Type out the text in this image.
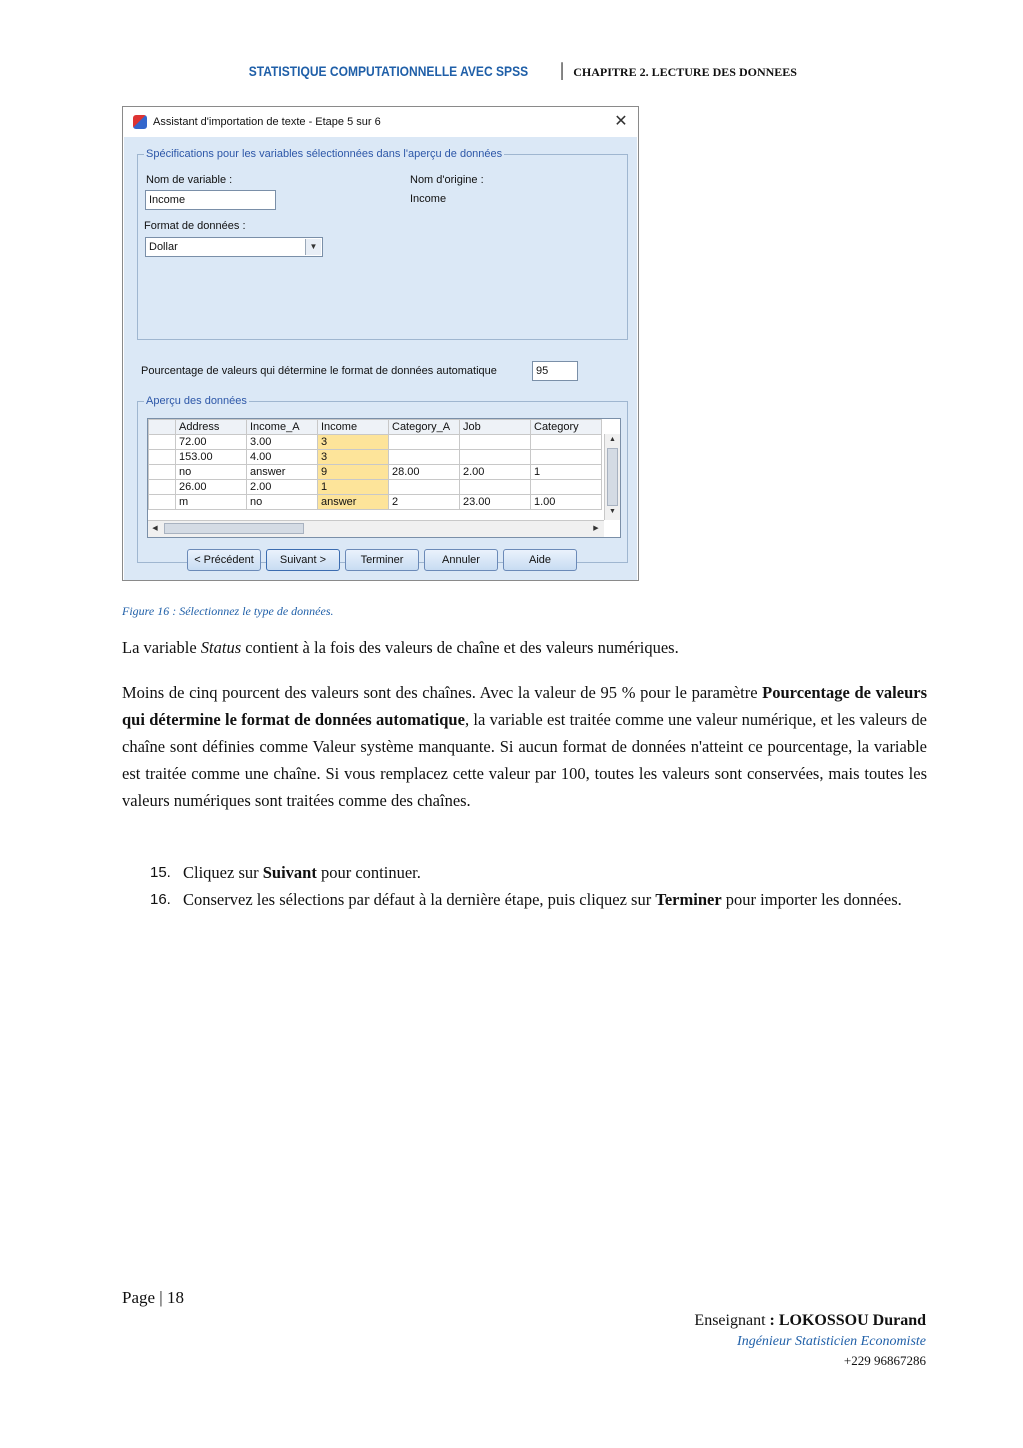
STATISTIQUE COMPUTATIONNELLE AVEC SPSS | CHAPITRE 2. LECTURE DES DONNEES
Assistant d'importation de texte - Etape 5 sur 6	✕
Spécifications pour les variables sélectionnées dans l'aperçu de données
Nom de variable :
Income
Nom d'origine :
Income
Format de données :
Dollar	▼
Pourcentage de valeurs qui détermine le format de données automatique	95
Aperçu des données
	Address	Income_A	Income	Category_A	Job	Category
	72.00	3.00	3			
	153.00	4.00	3			
	no	answer	9	28.00	2.00	1
	26.00	2.00	1			
	m	no	answer	2	23.00	1.00
▲
▼
◀	▶
< Précédent	Suivant >	Terminer	Annuler	Aide
Figure 16 : Sélectionnez le type de données.
La variable Status contient à la fois des valeurs de chaîne et des valeurs numériques.
Moins de cinq pourcent des valeurs sont des chaînes. Avec la valeur de 95 % pour le paramètre Pourcentage de valeurs qui détermine le format de données automatique, la variable est traitée comme une valeur numérique, et les valeurs de chaîne sont définies comme Valeur système manquante. Si aucun format de données n'atteint ce pourcentage, la variable est traitée comme une chaîne. Si vous remplacez cette valeur par 100, toutes les valeurs sont conservées, mais toutes les valeurs numériques sont traitées comme des chaînes.
15. Cliquez sur Suivant pour continuer.
16. Conservez les sélections par défaut à la dernière étape, puis cliquez sur Terminer pour importer les données.
Page | 18
Enseignant : LOKOSSOU Durand
Ingénieur Statisticien Economiste
+229 96867286
